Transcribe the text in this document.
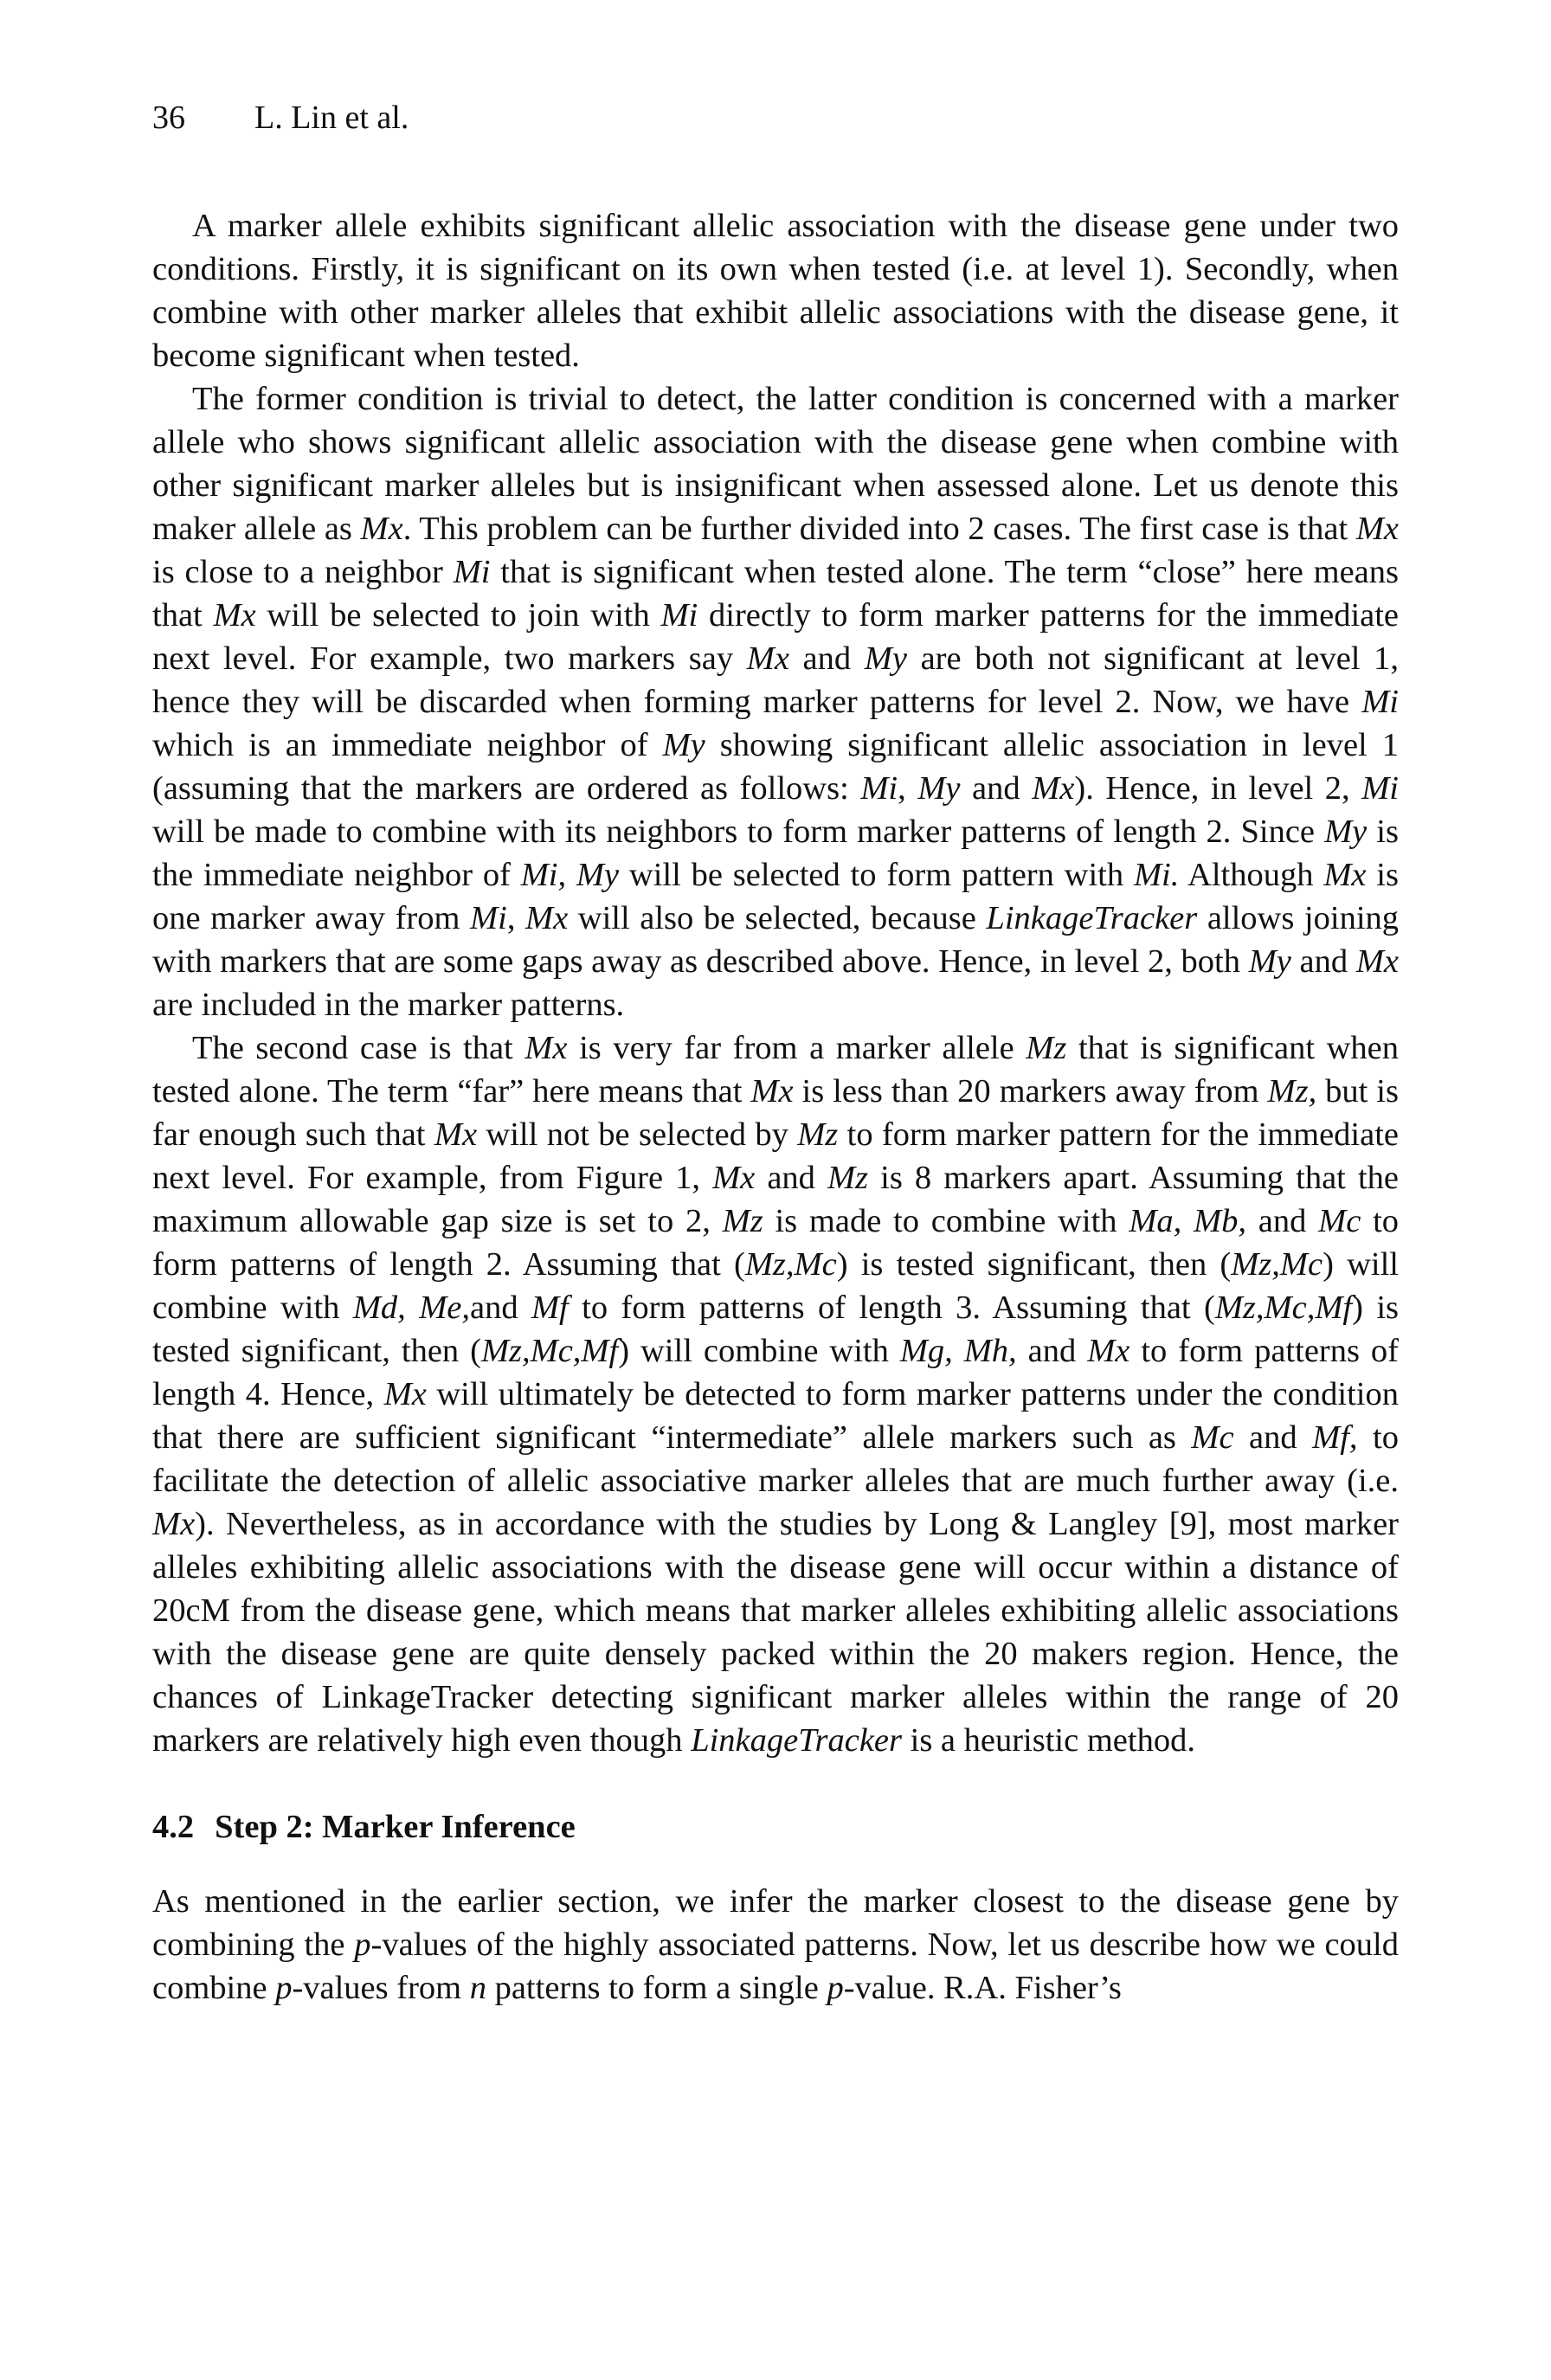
36 L. Lin et al.

A marker allele exhibits significant allelic association with the disease gene under two conditions. Firstly, it is significant on its own when tested (i.e. at level 1). Secondly, when combine with other marker alleles that exhibit allelic associations with the disease gene, it become significant when tested.

The former condition is trivial to detect, the latter condition is concerned with a marker allele who shows significant allelic association with the disease gene when combine with other significant marker alleles but is insignificant when assessed alone. Let us denote this maker allele as Mx. This problem can be further divided into 2 cases. The first case is that Mx is close to a neighbor Mi that is significant when tested alone. The term “close” here means that Mx will be selected to join with Mi directly to form marker patterns for the immediate next level. For example, two markers say Mx and My are both not significant at level 1, hence they will be discarded when forming marker patterns for level 2. Now, we have Mi which is an immediate neighbor of My showing significant allelic association in level 1 (assuming that the markers are ordered as follows: Mi, My and Mx). Hence, in level 2, Mi will be made to combine with its neighbors to form marker patterns of length 2. Since My is the immediate neighbor of Mi, My will be selected to form pattern with Mi. Although Mx is one marker away from Mi, Mx will also be selected, because LinkageTracker allows joining with markers that are some gaps away as described above. Hence, in level 2, both My and Mx are included in the marker patterns.

The second case is that Mx is very far from a marker allele Mz that is significant when tested alone. The term “far” here means that Mx is less than 20 markers away from Mz, but is far enough such that Mx will not be selected by Mz to form marker pattern for the immediate next level. For example, from Figure 1, Mx and Mz is 8 markers apart. Assuming that the maximum allowable gap size is set to 2, Mz is made to combine with Ma, Mb, and Mc to form patterns of length 2. Assuming that (Mz,Mc) is tested significant, then (Mz,Mc) will combine with Md, Me,and Mf to form patterns of length 3. Assuming that (Mz,Mc,Mf) is tested significant, then (Mz,Mc,Mf) will combine with Mg, Mh, and Mx to form patterns of length 4. Hence, Mx will ultimately be detected to form marker patterns under the condition that there are sufficient significant “intermediate” allele markers such as Mc and Mf, to facilitate the detection of allelic associative marker alleles that are much further away (i.e. Mx). Nevertheless, as in accordance with the studies by Long & Langley [9], most marker alleles exhibiting allelic associations with the disease gene will occur within a distance of 20cM from the disease gene, which means that marker alleles exhibiting allelic associations with the disease gene are quite densely packed within the 20 makers region. Hence, the chances of LinkageTracker detecting significant marker alleles within the range of 20 markers are relatively high even though LinkageTracker is a heuristic method.

4.2 Step 2: Marker Inference

As mentioned in the earlier section, we infer the marker closest to the disease gene by combining the p-values of the highly associated patterns. Now, let us describe how we could combine p-values from n patterns to form a single p-value. R.A. Fisher’s
